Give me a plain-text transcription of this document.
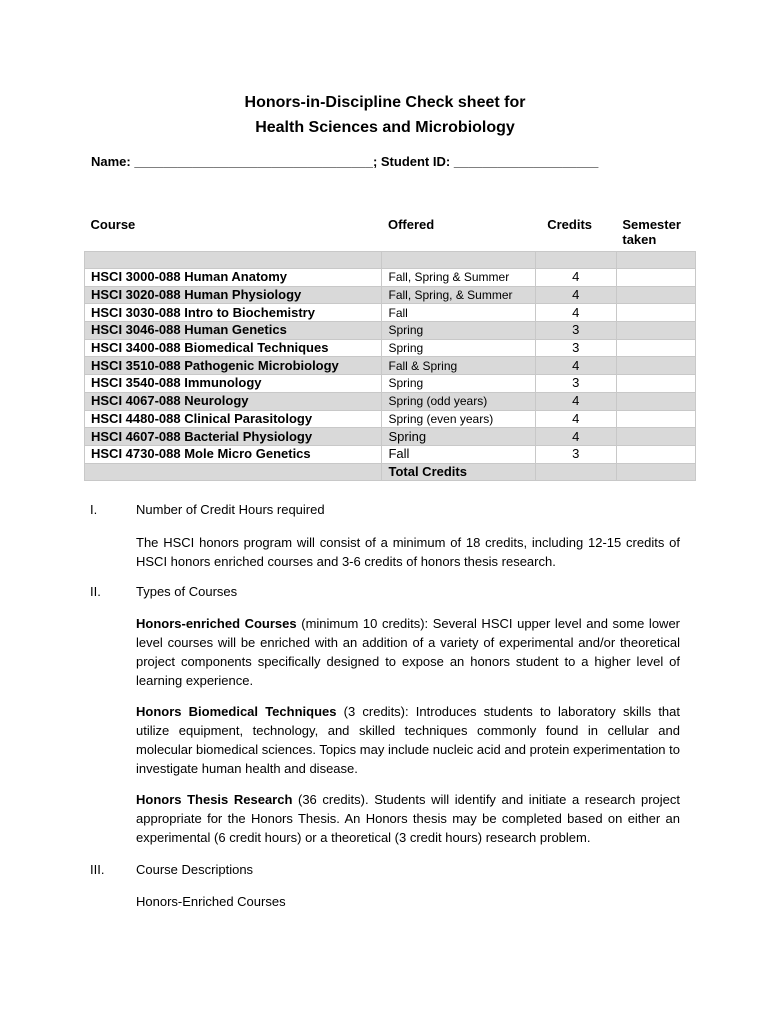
Honors-in-Discipline Check sheet for
Health Sciences and Microbiology
Name: _________________________________; Student ID: ____________________
Course	Offered	Credits	Semester taken

HSCI 3000-088 Human Anatomy	Fall, Spring & Summer	4	
HSCI 3020-088 Human Physiology	Fall, Spring, & Summer	4	
HSCI 3030-088 Intro to Biochemistry	Fall	4	
HSCI 3046-088 Human Genetics	Spring	3	
HSCI 3400-088 Biomedical Techniques	Spring	3	
HSCI 3510-088 Pathogenic Microbiology	Fall & Spring	4	
HSCI 3540-088 Immunology	Spring	3	
HSCI 4067-088 Neurology	Spring (odd years)	4	
HSCI 4480-088 Clinical Parasitology	Spring (even years)	4	
HSCI 4607-088 Bacterial Physiology	Spring	4	
HSCI 4730-088 Mole Micro Genetics	Fall	3	
	Total Credits		
I.	Number of Credit Hours required
The HSCI honors program will consist of a minimum of 18 credits, including 12-15 credits of HSCI honors enriched courses and 3-6 credits of honors thesis research.
II.	Types of Courses
Honors-enriched Courses (minimum 10 credits): Several HSCI upper level and some lower level courses will be enriched with an addition of a variety of experimental and/or theoretical project components specifically designed to expose an honors student to a higher level of learning experience.
Honors Biomedical Techniques (3 credits): Introduces students to laboratory skills that utilize equipment, technology, and skilled techniques commonly found in cellular and molecular biomedical sciences. Topics may include nucleic acid and protein experimentation to investigate human health and disease.
Honors Thesis Research (36 credits). Students will identify and initiate a research project appropriate for the Honors Thesis. An Honors thesis may be completed based on either an experimental (6 credit hours) or a theoretical (3 credit hours) research problem.
III. Course Descriptions
Honors-Enriched Courses
